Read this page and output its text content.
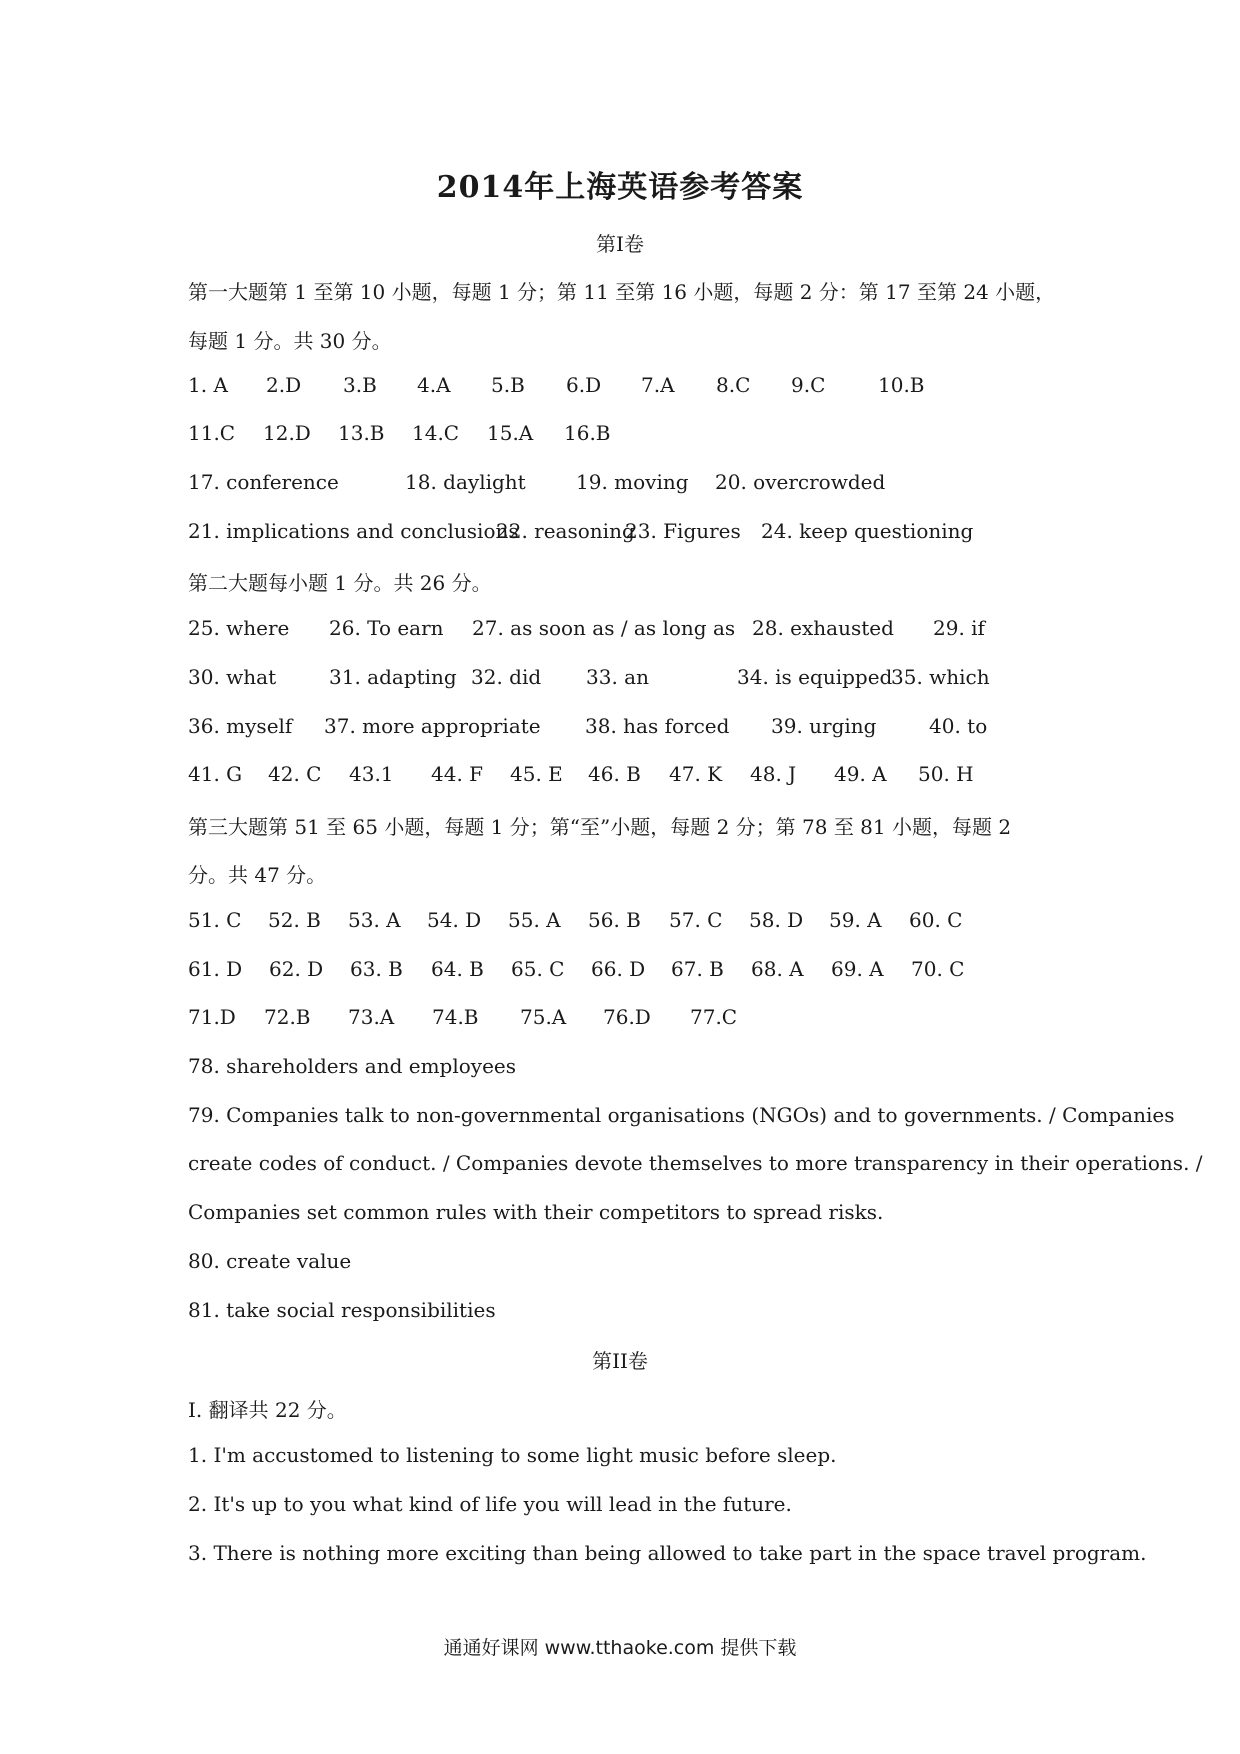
2014年上海英语参考答案
第I卷
第一大题第 1 至第 10 小题，每题 1 分；第 11 至第 16 小题，每题 2 分：第 17 至第 24 小题，
每题 1 分。共 30 分。
1. A 2.D 3.B 4.A 5.B 6.D 7.A 8.C 9.C	10.B
11.C 12.D 13.B 14.C 15.A 16.B
17. conference	18. daylight	19. moving 20. overcrowded
21. implications and conclusions
22. reasoning
23. Figures 24. keep questioning
第二大题每小题 1 分。共 26 分。
25. where 26. To earn 27. as soon as / as long as 28. exhausted 29. if
30. what	31. adapting 32. did 33. an	34. is equipped
35. which
36. myself 37. more appropriate 38. has forced 39. urging	40. to
41. G 42. C 43.1 44. F 45. E 46. B 47. K 48. J 49. A 50. H
第三大题第 51 至 65 小题，每题 1 分；第“至”小题，每题 2 分；第 78 至 81 小题，每题 2
分。共 47 分。
51. C 52. B 53. A 54. D 55. A 56. B 57. C 58. D 59. A 60. C
61. D 62. D 63. B 64. B 65. C 66. D 67. B 68. A 69. A 70. C
71.D 72.B 73.A 74.B 75.A 76.D 77.C
78. shareholders and employees
79. Companies talk to non-governmental organisations (NGOs) and to governments. / Companies
create codes of conduct. / Companies devote themselves to more transparency in their operations. /
Companies set common rules with their competitors to spread risks.
80. create value
81. take social responsibilities
第II卷
I. 翻译共 22 分。
1. I'm accustomed to listening to some light music before sleep.
2. It's up to you what kind of life you will lead in the future.
3. There is nothing more exciting than being allowed to take part in the space travel program.
通通好课网 www.tthaoke.com 提供下载
